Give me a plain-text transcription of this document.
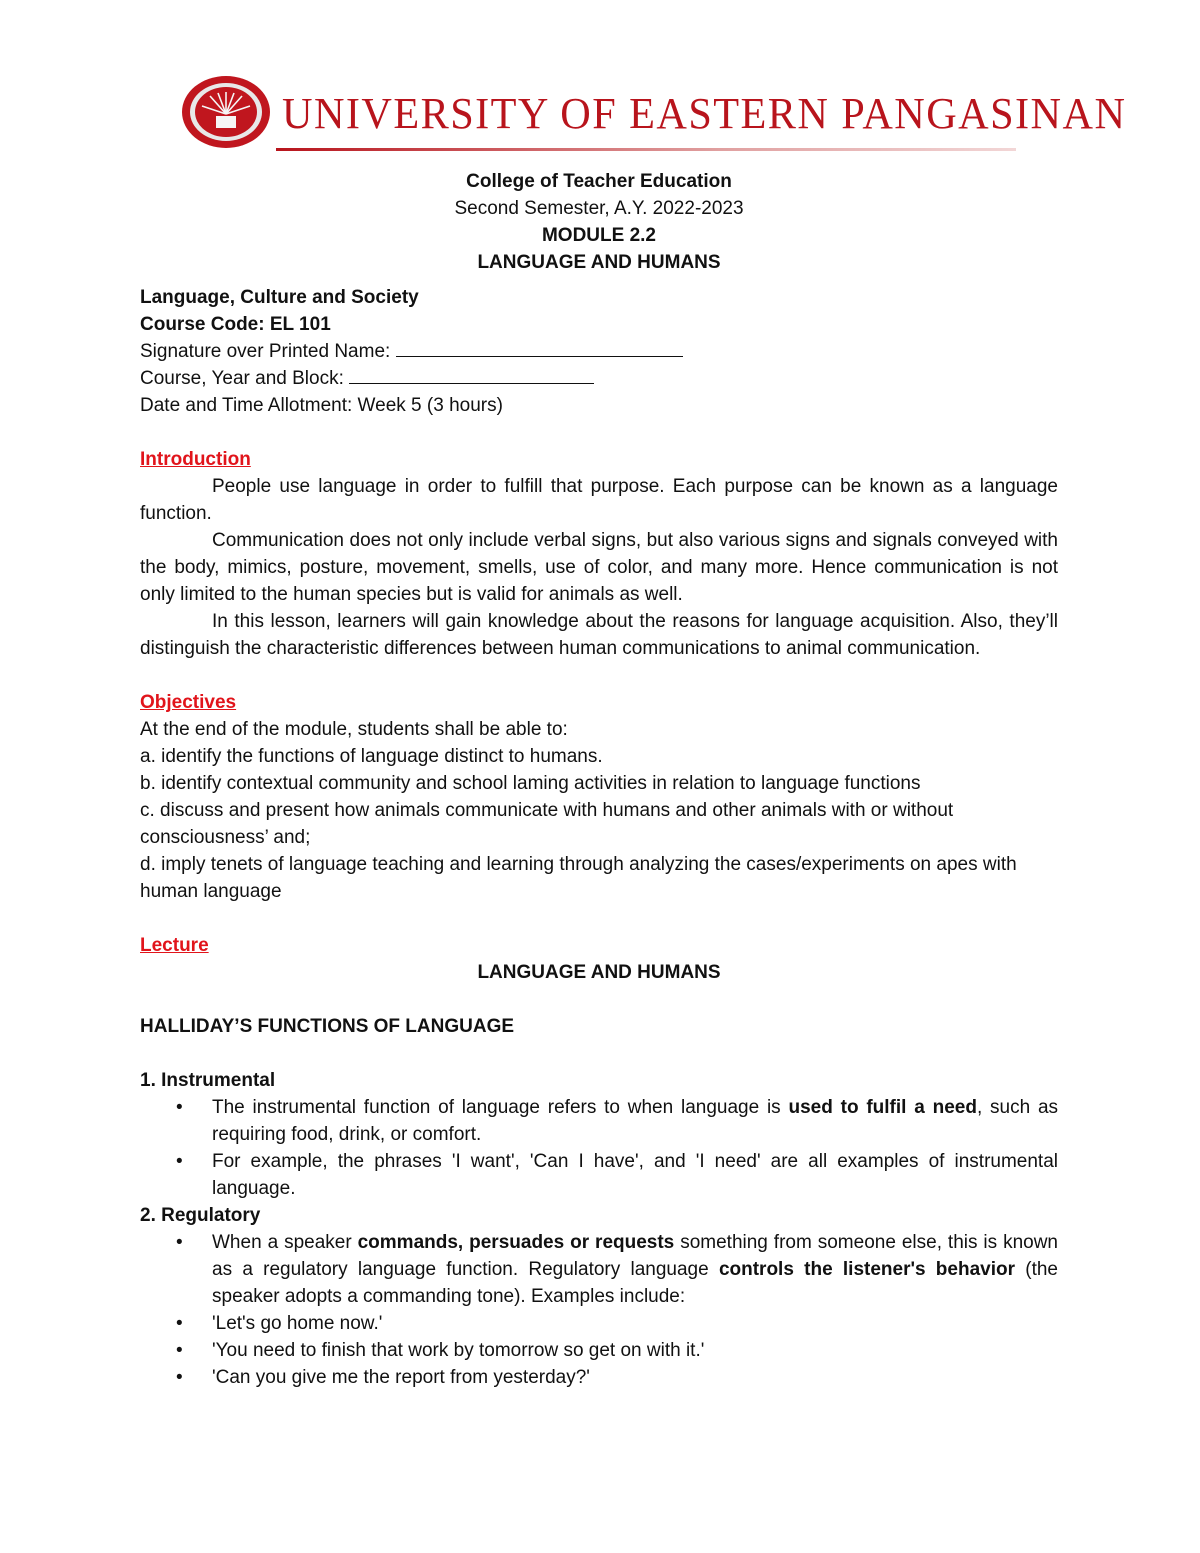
UNIVERSITY OF EASTERN PANGASINAN
College of Teacher Education
Second Semester, A.Y. 2022-2023
MODULE 2.2
LANGUAGE AND HUMANS
Language, Culture and Society
Course Code: EL 101
Signature over Printed Name:
Course, Year and Block:
Date and Time Allotment: Week 5 (3 hours)
Introduction

People use language in order to fulfill that purpose. Each purpose can be known as a language function.

Communication does not only include verbal signs, but also various signs and signals conveyed with the body, mimics, posture, movement, smells, use of color, and many more. Hence communication is not only limited to the human species but is valid for animals as well.

In this lesson, learners will gain knowledge about the reasons for language acquisition. Also, they’ll distinguish the characteristic differences between human communications to animal communication.

Objectives
At the end of the module, students shall be able to:
a. identify the functions of language distinct to humans.
b. identify contextual community and school laming activities in relation to language functions
c. discuss and present how animals communicate with humans and other animals with or without consciousness’ and;
d. imply tenets of language teaching and learning through analyzing the cases/experiments on apes with human language
Lecture
LANGUAGE AND HUMANS
HALLIDAY’S FUNCTIONS OF LANGUAGE
1. Instrumental
• The instrumental function of language refers to when language is used to fulfil a need, such as requiring food, drink, or comfort.
• For example, the phrases 'I want', 'Can I have', and 'I need' are all examples of instrumental language.
2. Regulatory
• When a speaker commands, persuades or requests something from someone else, this is known as a regulatory language function. Regulatory language controls the listener's behavior (the speaker adopts a commanding tone). Examples include:
• 'Let's go home now.'
• 'You need to finish that work by tomorrow so get on with it.'
• 'Can you give me the report from yesterday?'
